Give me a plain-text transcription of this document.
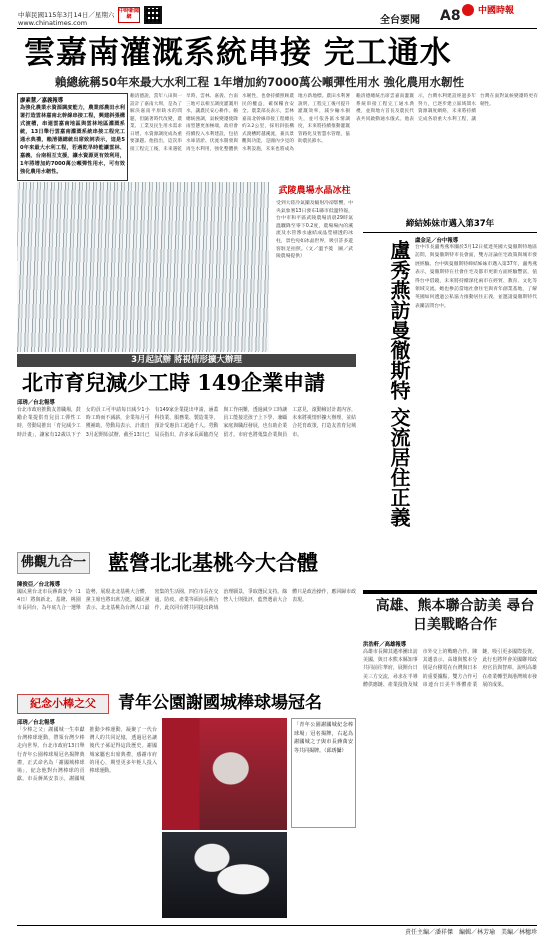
中華民國115年3月14日／星期六
www.chinatimes.com
中時新聞網	全台要聞 A8 中國時報
雲嘉南灌溉系統串接 完工通水
賴總統稱50年來最大水利工程 1年增加約7000萬公噸彈性用水 強化農用水韌性
廖素慧／嘉義報導
為強化農業水資源調度能力，農業部農田水利署打造雲林嘉南北幹線串接工程，興建斜張構式渡槽，串連雲嘉南地區與雲林地區灌溉系統，13日舉行雲嘉南灌溉系統串接工程完工通水典禮，賴清德總統出席致詞表示，這是50年來最大水利工程，若遇乾旱時能讓雲林、嘉義、台南相互支援，讓水資源更有效利用，1年將增加約7000萬公噸彈性用水，可有效強化農用水韌性。
賴清德說，當年八田與一設計了嘉南大圳，是為了解決嘉南平原缺水的問題，但隨著時代改變，農業、工業及民生用水需求日增，水資源調度成為重要課題。他指出，這次串接工程完工後，未來遇乾旱時，雲林、嘉義、台南三地可以相互調度灌溉用水，讓農民安心耕作。賴總統強調，氣候變遷使降雨型態更加極端，政府會持續投入水利建設，包括水庫清淤、伏流水開發與再生水利用，強化整體供水韌性，也會持續照顾農民的權益，確保糧食安全。農業部長表示，雲林嘉南北幹線串接工程總長約3.2公里，採用斜張構式渡槽跨越溪流，兼具景觀與功能，是國內少見的水利設施，未來也將成為地方新地標。農田水利署說明，工程完工後可提升灌溉效率，減少輸水損失，並可依各區水情調度，未來將持續推動灌溉管路化及智慧水管理，協助農民節水。
賴清德總統出席雲嘉南灌溉系統串接工程完工通水典禮，並與地方首長及農民代表共同啟動通水儀式。他表示，台灣水利建設經過多年努力，已逐步建立區域間水資源調度網絡，未來將持續完成各項重大水利工程，讓台灣在面對氣候變遷時更有韌性。
武陵農場水晶冰柱
受到大陸冷氣團及輻射冷卻影響，中央氣象署13日發布1縣市低溫特報，台中市和平區武陵農場清晨29時氣溫驟降至零下0.2度，農場場內的溪流及水管滲水處結成晶瑩剔透的冰柱，景色宛如冰晶世界，吸引許多遊客駐足拍照。（文／溫予菱　圖／武陵農場提供）
締結姊妹市邁入第37年
盧秀燕訪曼徹斯特 交流居住正義 盧金足／台中報導
台中市長盧秀燕率團於3月12日抵達英國大曼徹斯特地區訪問，與曼徹斯特市長會面，雙方討論住宅政策與城市發展經驗。台中與曼徹斯特締結姊妹市邁入第37年，盧秀燕表示，曼徹斯特在社會住宅及都市更新方面經驗豐富，值得台中借鏡，未來將持續深化兩市在經貿、教育、文化等領域交流。她也參訪當地社會住宅與青年創業基地，了解英國如何透過公私協力推動居住正義，並邀請曼徹斯特代表團訪問台中。
3月起試辦 將視情形擴大辦理
北市育兒減少工時 149企業申請
邱琇／台北報導
台北市政府推動友善職場，鼓勵企業提供育兒員工彈性工時，勞動局推出「育兒減少工時計畫」，讓家有12歲以下子女的員工可申請每日減少1小時工時而不減薪，企業每月可獲補助。勞動局表示，計畫自3月起開始試辦，截至13日已有149家企業提出申請，涵蓋科技業、服務業、製造業等，預計受惠員工超過千人。勞動局長指出，許多家長面臨育兒與工作兩難，透過減少工時讓員工能接送孩子上下學，兼顧家庭與職涯發展，也有助企業留才。市府也將蒐集企業與員工意見，滾動檢討計畫內容，未來將視情形擴大辦理，並結合托育政策，打造友善育兒城市。
佛觀九合一 藍營北北基桃今大合體
陳俊亞／台北報導
國民黨台北市長蔣萬安今（14日）將與新北、基隆、桃園市長同台，為年底九合一選舉造勢，展現北北基桃大合體，黨主席也將出席力挺。國民黨表示，北北基桃為台灣人口最密集的生活圈，四位市長在交通、防疫、產業等面向長期合作，此次同台將共同提出跨域治理願景，爭取選民支持。綠營人士則批評，藍營選前大合體只是政治操作，應回歸市政表現。
紀念小棒之父	青年公園謝國城棒球場冠名
邱琇／台北報導
「少棒之父」謝國城一生奉獻台灣棒球運動，帶領台灣少棒走向世界。台北市政府13日舉行青年公園棒球場冠名揭牌典禮，正式命名為「謝國城棒球場」，紀念他對台灣棒球的貢獻。市長蔣萬安表示，謝國城推動少棒運動，凝聚了一代台灣人的共同記憶，透過冠名讓後代子孫記得這段歷史。謝國城家屬也出席典禮，感謝市府的用心，期望更多年輕人投入棒球運動。
「青年公園謝國城紀念棒球場」冠名揭牌，右起為謝國城之子與市長蔣萬安等共同揭牌。（邱琇攝）
高雄、熊本聯合訪美 尋台日美戰略合作
洪浩軒／高雄報導
高雄市長陳其邁率團出訪美國，與日本熊本縣知事共同前往華府，展開台日美三方交流，尋求在半導體供應鏈、產業投資及城市外交上的戰略合作。陳其邁表示，高雄與熊本分別是台積電在台灣與日本的重要據點，雙方合作可串連台日美半導體產業鏈，吸引更多國際投資。此行也將拜會美國聯邦政府官員與智庫，說明高雄在產業轉型與港灣城市發展的成果。
責任主編／潘祥傑　編輯／林芳瑜　美編／林穗珍
